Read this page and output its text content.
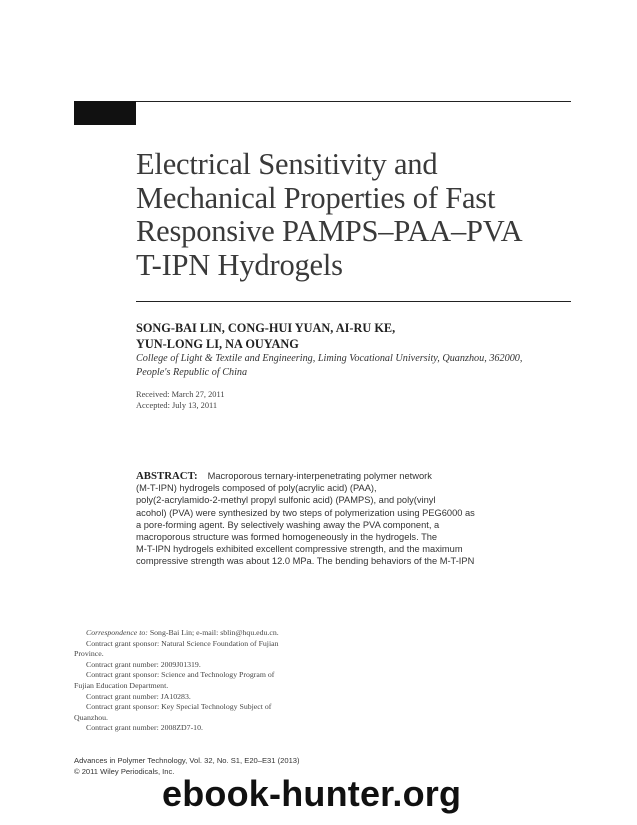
Electrical Sensitivity and
Mechanical Properties of Fast
Responsive PAMPS–PAA–PVA
T-IPN Hydrogels

SONG-BAI LIN, CONG-HUI YUAN, AI-RU KE,
YUN-LONG LI, NA OUYANG

College of Light & Textile and Engineering, Liming Vocational University, Quanzhou, 362000,
People's Republic of China
Received: March 27, 2011
Accepted: July 13, 2011
ABSTRACT: Macroporous ternary-interpenetrating polymer network
(M-T-IPN) hydrogels composed of poly(acrylic acid) (PAA),
poly(2-acrylamido-2-methyl propyl sulfonic acid) (PAMPS), and poly(vinyl
acohol) (PVA) were synthesized by two steps of polymerization using PEG6000 as
a pore-forming agent. By selectively washing away the PVA component, a
macroporous structure was formed homogeneously in the hydrogels. The
M-T-IPN hydrogels exhibited excellent compressive strength, and the maximum
compressive strength was about 12.0 MPa. The bending behaviors of the M-T-IPN
Correspondence to: Song-Bai Lin; e-mail: sblin@hqu.edu.cn.
Contract grant sponsor: Natural Science Foundation of Fujian
Province.
Contract grant number: 2009J01319.
Contract grant sponsor: Science and Technology Program of
Fujian Education Department.
Contract grant number: JA10283.
Contract grant sponsor: Key Special Technology Subject of
Quanzhou.
Contract grant number: 2008ZD7-10.
Advances in Polymer Technology, Vol. 32, No. S1, E20–E31 (2013)
© 2011 Wiley Periodicals, Inc.
ebook-hunter.org
